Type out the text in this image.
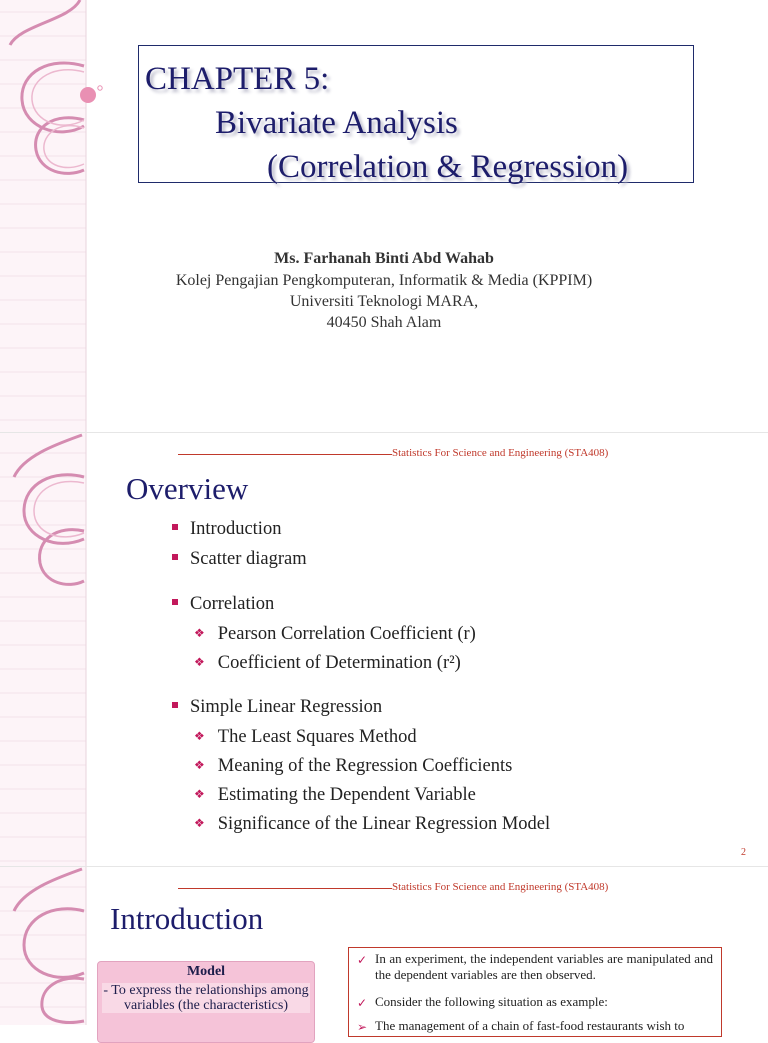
CHAPTER 5:
Bivariate Analysis
(Correlation & Regression)
Ms. Farhanah Binti Abd Wahab
Kolej Pengajian Pengkomputeran, Informatik & Media (KPPIM)
Universiti Teknologi MARA,
40450 Shah Alam
Statistics For Science and Engineering (STA408)
Overview
Introduction
Scatter diagram
Correlation
❖ Pearson Correlation Coefficient (r)
❖ Coefficient of Determination (r²)
Simple Linear Regression
❖ The Least Squares Method
❖ Meaning of the Regression Coefficients
❖ Estimating the Dependent Variable
❖ Significance of the Linear Regression Model
2
Statistics For Science and Engineering (STA408)
Introduction
Model
- To express the relationships among variables (the characteristics)
✓ In an experiment, the independent variables are manipulated and the dependent variables are then observed.
✓ Consider the following situation as example:
➢ The management of a chain of fast-food restaurants wish to
